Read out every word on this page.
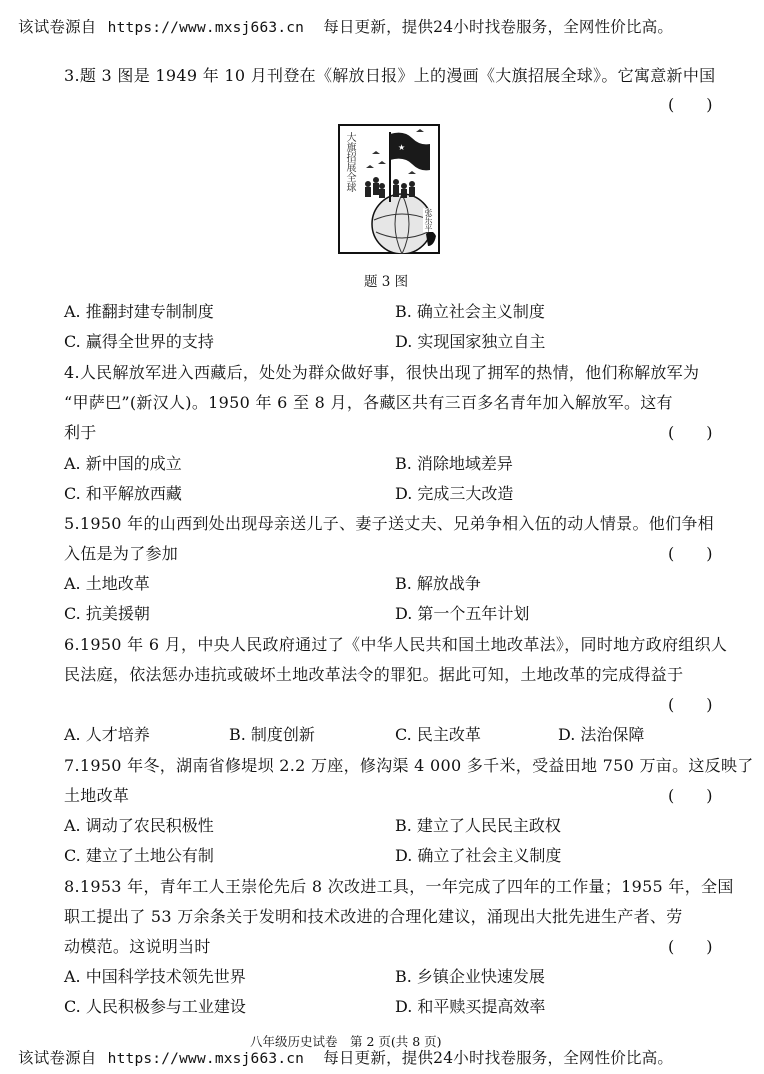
该试卷源自 https://www.mxsj663.cn 每日更新，提供24小时找卷服务，全网性价比高。
3.题 3 图是 1949 年 10 月刊登在《解放日报》上的漫画《大旗招展全球》。它寓意新中国
(　　)
★
大旗招展全球
张乐平
题 3 图
A. 推翻封建专制制度	B. 确立社会主义制度
C. 赢得全世界的支持	D. 实现国家独立自主
4.人民解放军进入西藏后，处处为群众做好事，很快出现了拥军的热情，他们称解放军为
“甲萨巴”(新汉人)。1950 年 6 至 8 月，各藏区共有三百多名青年加入解放军。这有
利于	(　　)
A. 新中国的成立	B. 消除地域差异
C. 和平解放西藏	D. 完成三大改造
5.1950 年的山西到处出现母亲送儿子、妻子送丈夫、兄弟争相入伍的动人情景。他们争相
入伍是为了参加	(　　)
A. 土地改革	B. 解放战争
C. 抗美援朝	D. 第一个五年计划
6.1950 年 6 月，中央人民政府通过了《中华人民共和国土地改革法》，同时地方政府组织人
民法庭，依法惩办违抗或破坏土地改革法令的罪犯。据此可知，土地改革的完成得益于
(　　)
A. 人才培养	B. 制度创新	C. 民主改革	D. 法治保障
7.1950 年冬，湖南省修堤坝 2.2 万座，修沟渠 4 000 多千米，受益田地 750 万亩。这反映了
土地改革	(　　)
A. 调动了农民积极性	B. 建立了人民民主政权
C. 建立了土地公有制	D. 确立了社会主义制度
8.1953 年，青年工人王崇伦先后 8 次改进工具，一年完成了四年的工作量；1955 年，全国
职工提出了 53 万余条关于发明和技术改进的合理化建议，涌现出大批先进生产者、劳
动模范。这说明当时	(　　)
A. 中国科学技术领先世界	B. 乡镇企业快速发展
C. 人民积极参与工业建设	D. 和平赎买提高效率
八年级历史试卷　第 2 页(共 8 页)
该试卷源自 https://www.mxsj663.cn 每日更新，提供24小时找卷服务，全网性价比高。
